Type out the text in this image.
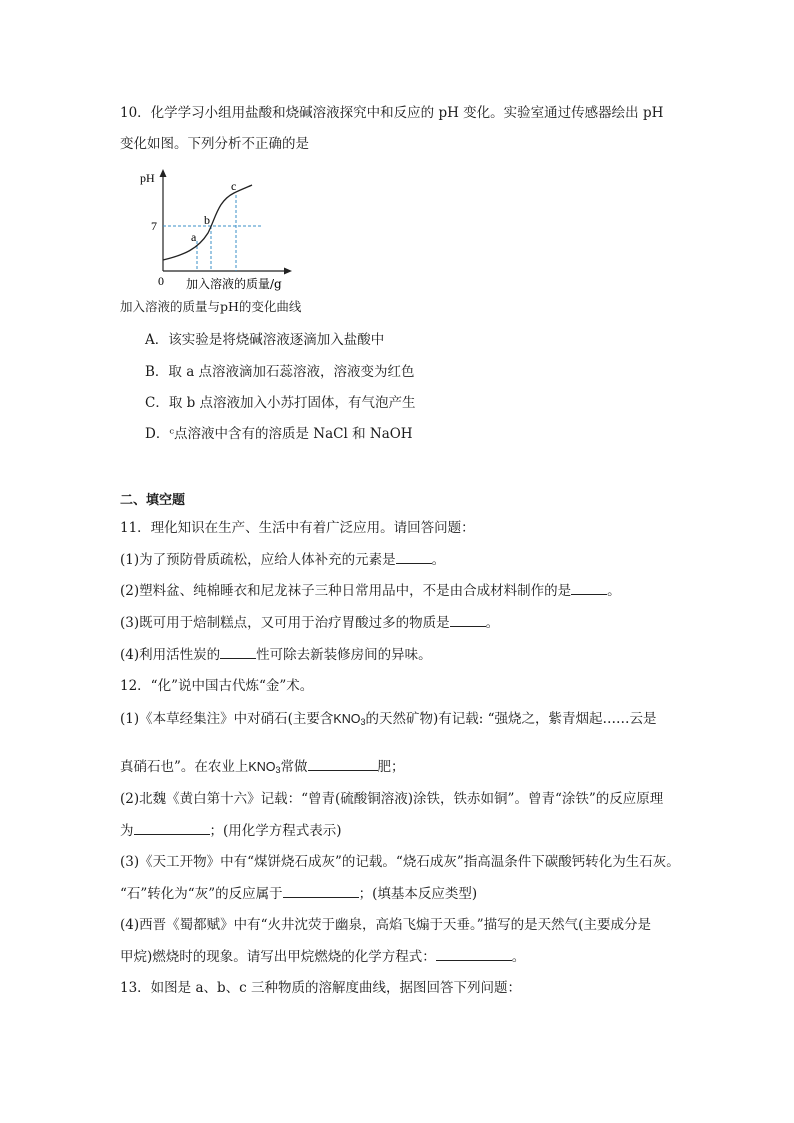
10．化学学习小组用盐酸和烧碱溶液探究中和反应的 pH 变化。实验室通过传感器绘出 pH
变化如图。下列分析不正确的是
pH
0
7
加入溶液的质量/g
a
b
c
加入溶液的质量与pH的变化曲线
A．该实验是将烧碱溶液逐滴加入盐酸中
B．取 a 点溶液滴加石蕊溶液，溶液变为红色
C．取 b 点溶液加入小苏打固体，有气泡产生
D．ᶜ点溶液中含有的溶质是 NaCl 和 NaOH
二、填空题
11．理化知识在生产、生活中有着广泛应用。请回答问题：
(1)为了预防骨质疏松，应给人体补充的元素是	。
(2)塑料盆、纯棉睡衣和尼龙袜子三种日常用品中，不是由合成材料制作的是	。
(3)既可用于焙制糕点，又可用于治疗胃酸过多的物质是	。
(4)利用活性炭的	性可除去新装修房间的异味。
12．“化”说中国古代炼“金”术。
(1)《本草经集注》中对硝石(主要含$KNO_3$的天然矿物)有记载: “强烧之，紫青烟起……云是
真硝石也”。在农业上$KNO_3$常做	肥；
(2)北魏《黄白第十六》记载：“曾青(硫酸铜溶液)涂铁，铁赤如铜”。曾青“涂铁”的反应原理
为	；(用化学方程式表示)
(3)《天工开物》中有“煤饼烧石成灰”的记载。“烧石成灰”指高温条件下碳酸钙转化为生石灰。
“石”转化为“灰”的反应属于	；(填基本反应类型)
(4)西晋《蜀都赋》中有“火井沈荧于幽泉，高焰飞煽于天垂。”描写的是天然气(主要成分是
甲烷)燃烧时的现象。请写出甲烷燃烧的化学方程式：	。
13．如图是 a、b、c 三种物质的溶解度曲线，据图回答下列问题：
